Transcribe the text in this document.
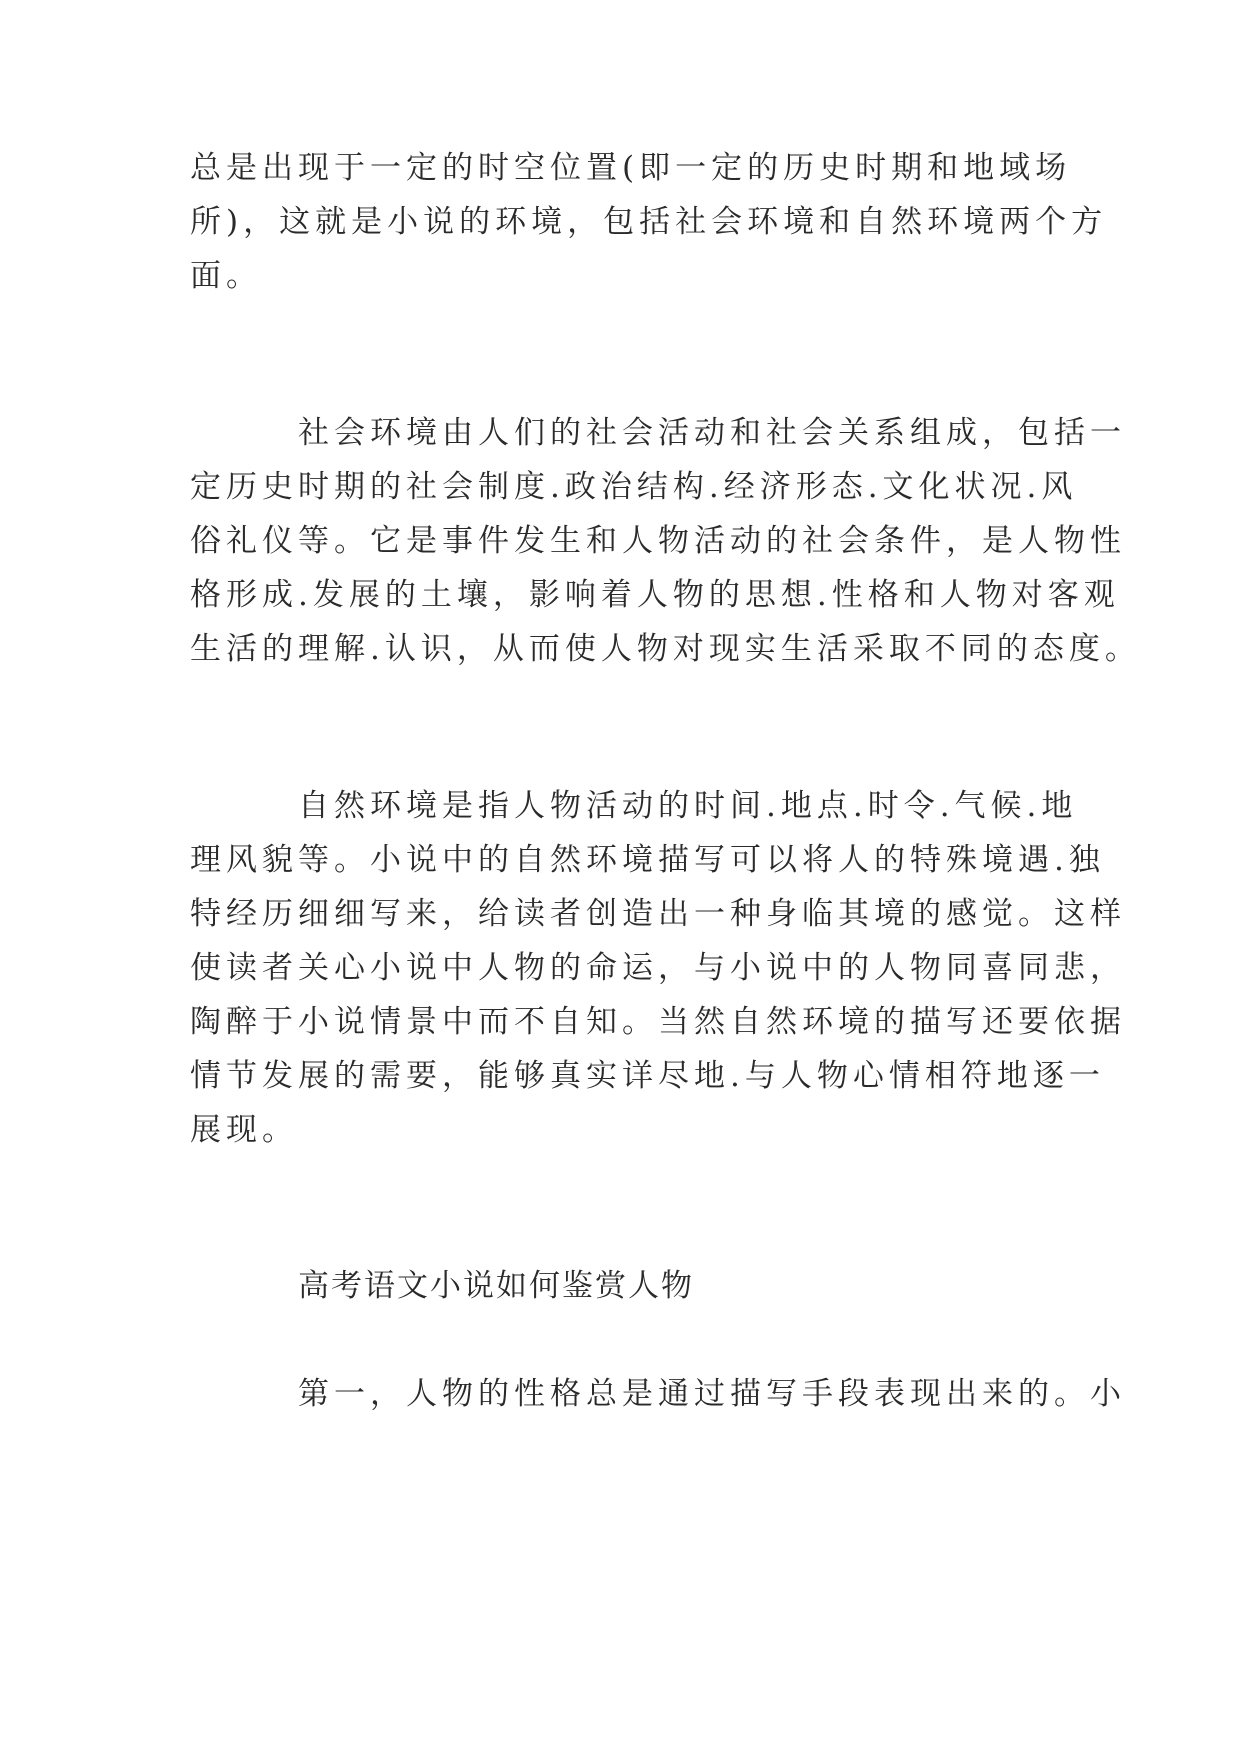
总是出现于一定的时空位置(即一定的历史时期和地域场
所)，这就是小说的环境，包括社会环境和自然环境两个方
面。
社会环境由人们的社会活动和社会关系组成，包括一
定历史时期的社会制度.政治结构.经济形态.文化状况.风
俗礼仪等。它是事件发生和人物活动的社会条件，是人物性
格形成.发展的土壤，影响着人物的思想.性格和人物对客观
生活的理解.认识，从而使人物对现实生活采取不同的态度。
自然环境是指人物活动的时间.地点.时令.气候.地
理风貌等。小说中的自然环境描写可以将人的特殊境遇.独
特经历细细写来，给读者创造出一种身临其境的感觉。这样
使读者关心小说中人物的命运，与小说中的人物同喜同悲，
陶醉于小说情景中而不自知。当然自然环境的描写还要依据
情节发展的需要，能够真实详尽地.与人物心情相符地逐一
展现。
高考语文小说如何鉴赏人物
第一，人物的性格总是通过描写手段表现出来的。小
